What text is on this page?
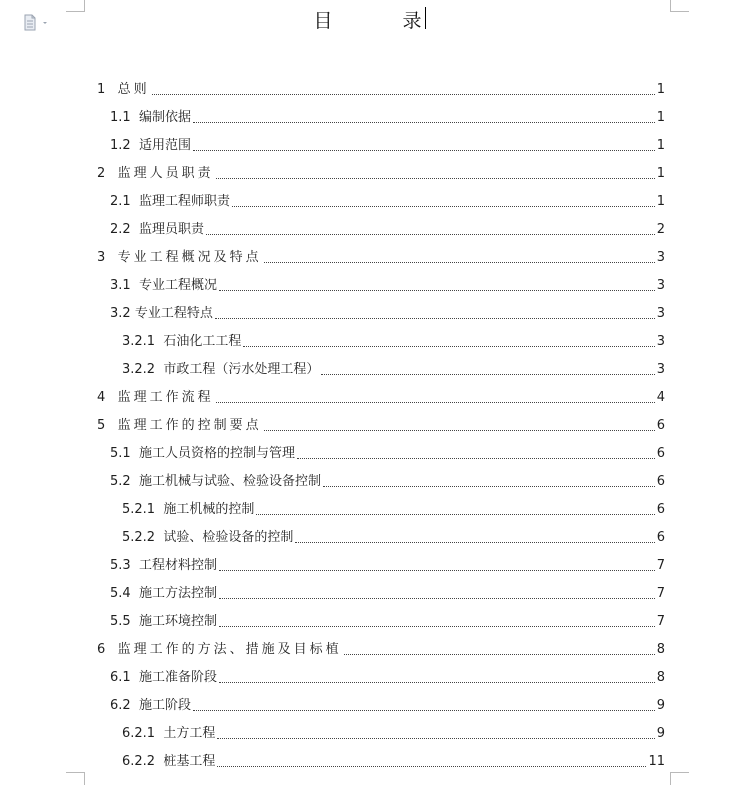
目	录
1 总则	1
1.1 编制依据	1
1.2 适用范围	1
2 监理人员职责	1
2.1 监理工程师职责	1
2.2 监理员职责	2
3 专业工程概况及特点	3
3.1 专业工程概况	3
3.2 专业工程特点	3
3.2.1 石油化工工程	3
3.2.2 市政工程（污水处理工程）	3
4 监理工作流程	4
5 监理工作的控制要点	6
5.1 施工人员资格的控制与管理	6
5.2 施工机械与试验、检验设备控制	6
5.2.1 施工机械的控制	6
5.2.2 试验、检验设备的控制	6
5.3 工程材料控制	7
5.4 施工方法控制	7
5.5 施工环境控制	7
6 监理工作的方法、措施及目标植	8
6.1 施工准备阶段	8
6.2 施工阶段	9
6.2.1 土方工程	9
6.2.2 桩基工程	11
